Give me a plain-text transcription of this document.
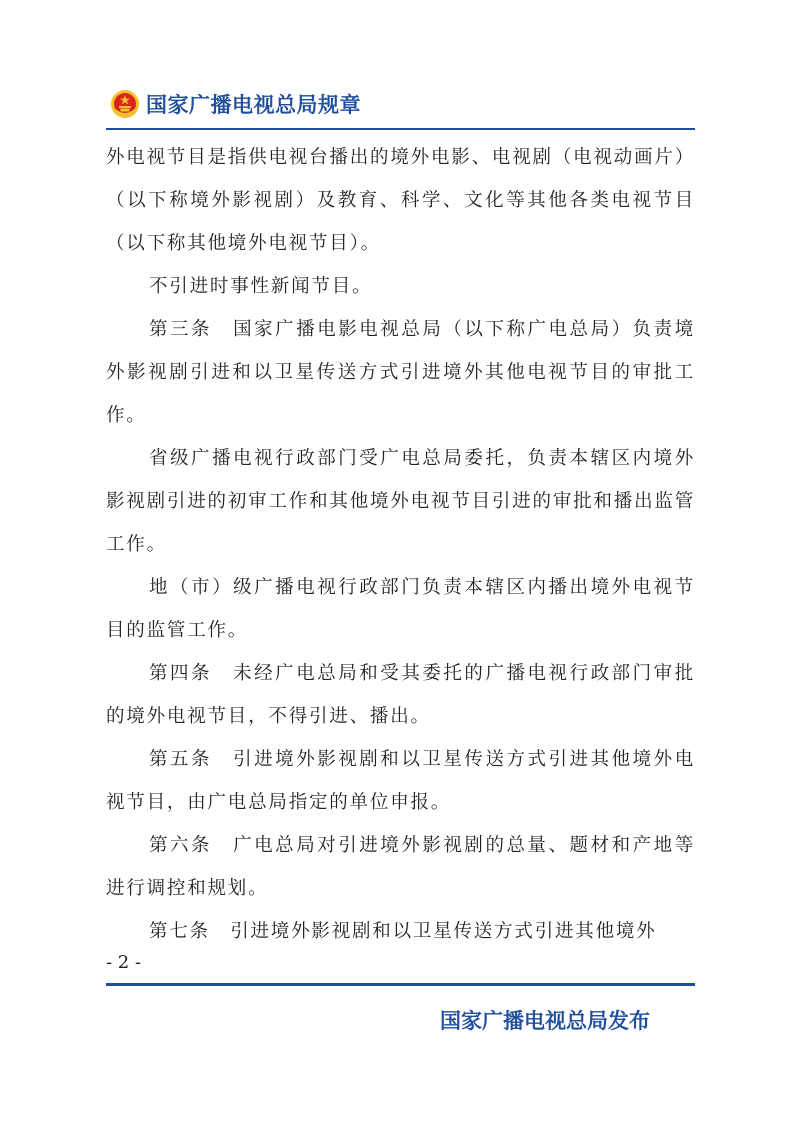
国家广播电视总局规章

外电视节目是指供电视台播出的境外电影、电视剧（电视动画片）（以下称境外影视剧）及教育、科学、文化等其他各类电视节目（以下称其他境外电视节目）。

不引进时事性新闻节目。

第三条　国家广播电影电视总局（以下称广电总局）负责境外影视剧引进和以卫星传送方式引进境外其他电视节目的审批工作。

省级广播电视行政部门受广电总局委托，负责本辖区内境外影视剧引进的初审工作和其他境外电视节目引进的审批和播出监管工作。

地（市）级广播电视行政部门负责本辖区内播出境外电视节目的监管工作。

第四条　未经广电总局和受其委托的广播电视行政部门审批的境外电视节目，不得引进、播出。

第五条　引进境外影视剧和以卫星传送方式引进其他境外电视节目，由广电总局指定的单位申报。

第六条　广电总局对引进境外影视剧的总量、题材和产地等进行调控和规划。

第七条　引进境外影视剧和以卫星传送方式引进其他境外

- 2 -
国家广播电视总局发布
